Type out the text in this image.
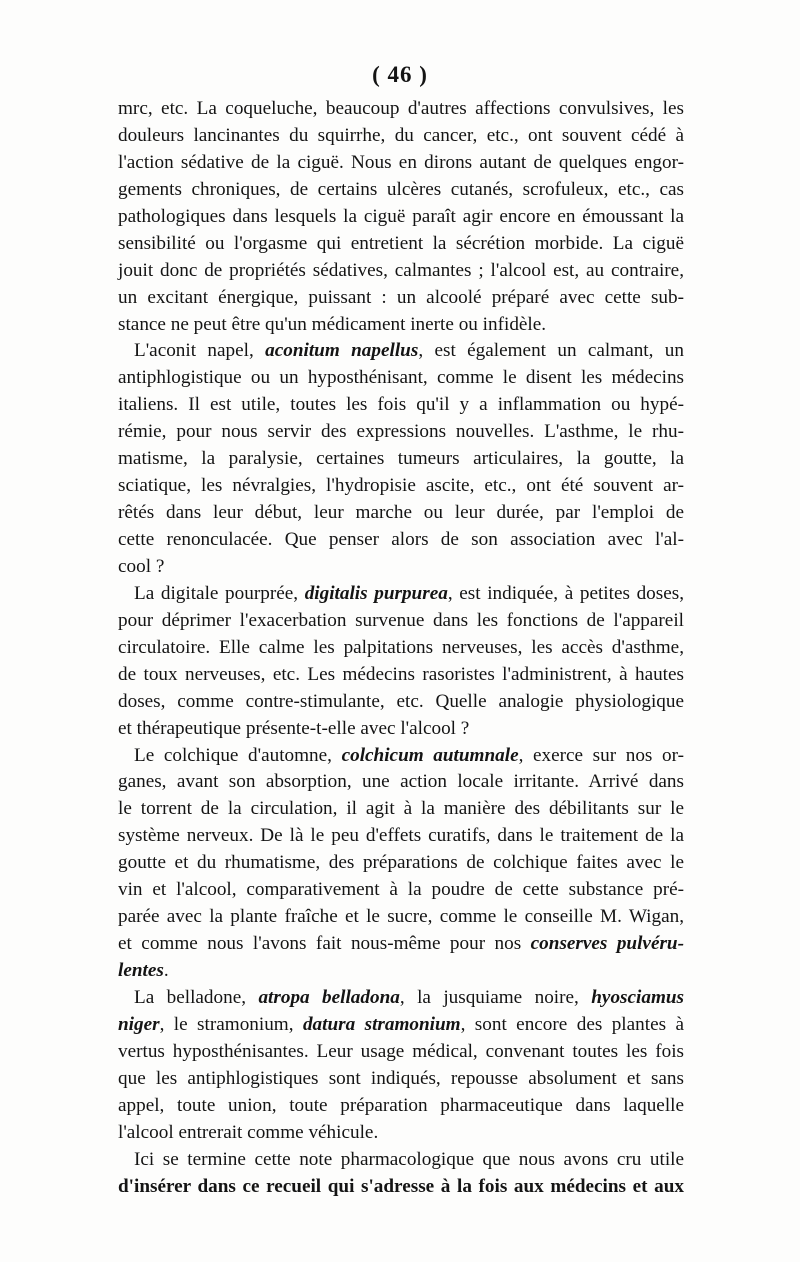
( 46 )
mrc, etc. La coqueluche, beaucoup d'autres affections convulsives, les
douleurs lancinantes du squirrhe, du cancer, etc., ont souvent cédé à
l'action sédative de la ciguë. Nous en dirons autant de quelques engor-
gements chroniques, de certains ulcères cutanés, scrofuleux, etc., cas
pathologiques dans lesquels la ciguë paraît agir encore en émoussant la
sensibilité ou l'orgasme qui entretient la sécrétion morbide. La ciguë
jouit donc de propriétés sédatives, calmantes ; l'alcool est, au contraire,
un excitant énergique, puissant : un alcoolé préparé avec cette sub-
stance ne peut être qu'un médicament inerte ou infidèle.
L'aconit napel, aconitum napellus, est également un calmant, un
antiphlogistique ou un hyposthénisant, comme le disent les médecins
italiens. Il est utile, toutes les fois qu'il y a inflammation ou hypé-
rémie, pour nous servir des expressions nouvelles. L'asthme, le rhu-
matisme, la paralysie, certaines tumeurs articulaires, la goutte, la
sciatique, les névralgies, l'hydropisie ascite, etc., ont été souvent ar-
rêtés dans leur début, leur marche ou leur durée, par l'emploi de
cette renonculacée. Que penser alors de son association avec l'al-
cool ?
La digitale pourprée, digitalis purpurea, est indiquée, à petites doses,
pour déprimer l'exacerbation survenue dans les fonctions de l'appareil
circulatoire. Elle calme les palpitations nerveuses, les accès d'asthme,
de toux nerveuses, etc. Les médecins rasoristes l'administrent, à hautes
doses, comme contre-stimulante, etc. Quelle analogie physiologique
et thérapeutique présente-t-elle avec l'alcool ?
Le colchique d'automne, colchicum autumnale, exerce sur nos or-
ganes, avant son absorption, une action locale irritante. Arrivé dans
le torrent de la circulation, il agit à la manière des débilitants sur le
système nerveux. De là le peu d'effets curatifs, dans le traitement de la
goutte et du rhumatisme, des préparations de colchique faites avec le
vin et l'alcool, comparativement à la poudre de cette substance pré-
parée avec la plante fraîche et le sucre, comme le conseille M. Wigan,
et comme nous l'avons fait nous-même pour nos conserves pulvéru-
lentes.
La belladone, atropa belladona, la jusquiame noire, hyosciamus
niger, le stramonium, datura stramonium, sont encore des plantes à
vertus hyposthénisantes. Leur usage médical, convenant toutes les fois
que les antiphlogistiques sont indiqués, repousse absolument et sans
appel, toute union, toute préparation pharmaceutique dans laquelle
l'alcool entrerait comme véhicule.
Ici se termine cette note pharmacologique que nous avons cru utile
d'insérer dans ce recueil qui s'adresse à la fois aux médecins et aux
